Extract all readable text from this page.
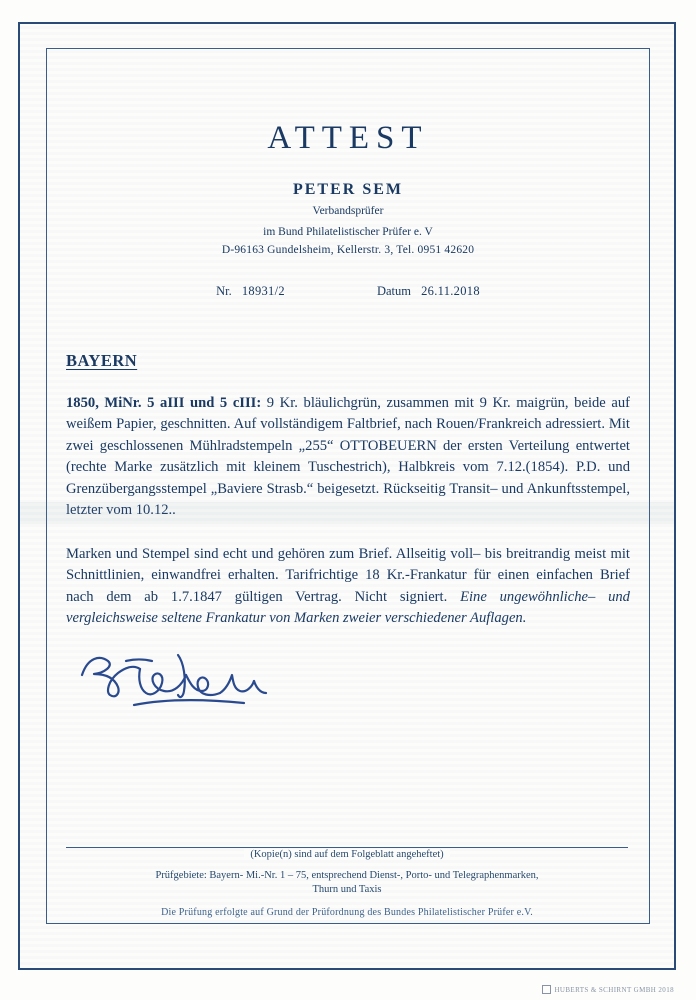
ATTEST
PETER SEM
Verbandsprüfer
im Bund Philatelistischer Prüfer e. V
D-96163 Gundelsheim, Kellerstr. 3, Tel. 0951 42620
Nr. 18931/2	Datum 26.11.2018
BAYERN
1850, MiNr. 5 aIII und 5 cIII: 9 Kr. bläulichgrün, zusammen mit 9 Kr. maigrün, beide auf weißem Papier, geschnitten. Auf vollständigem Faltbrief, nach Rouen/Frankreich adressiert. Mit zwei geschlossenen Mühlradstempeln „255“ OTTOBEUERN der ersten Verteilung entwertet (rechte Marke zusätzlich mit kleinem Tuschestrich), Halbkreis vom 7.12.(1854). P.D. und Grenzübergangsstempel „Baviere Strasb.“ beigesetzt. Rückseitig Transit– und Ankunftsstempel, letzter vom 10.12..
Marken und Stempel sind echt und gehören zum Brief. Allseitig voll– bis breitrandig meist mit Schnittlinien, einwandfrei erhalten. Tarifrichtige 18 Kr.-Frankatur für einen einfachen Brief nach dem ab 1.7.1847 gültigen Vertrag. Nicht signiert. Eine ungewöhnliche– und vergleichsweise seltene Frankatur von Marken zweier verschiedener Auflagen.
(Kopie(n) sind auf dem Folgeblatt angeheftet)
Prüfgebiete: Bayern- Mi.-Nr. 1 – 75, entsprechend Dienst-, Porto- und Telegraphenmarken,
Thurn und Taxis
Die Prüfung erfolgte auf Grund der Prüfordnung des Bundes Philatelistischer Prüfer e.V.
HUBERTS & SCHIRNT GMBH 2018
